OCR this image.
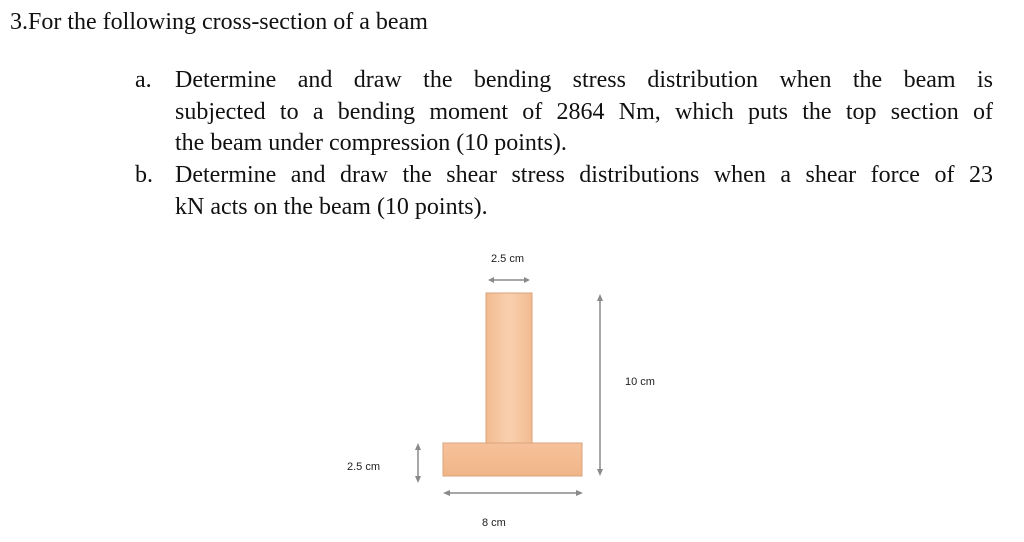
3.For the following cross-section of a beam
a. Determine and draw the bending stress distribution when the beam is
subjected to a bending moment of 2864 Nm, which puts the top section of
the beam under compression (10 points).
b. Determine and draw the shear stress distributions when a shear force of 23
kN acts on the beam (10 points).
2.5 cm
10 cm
2.5 cm
8 cm
